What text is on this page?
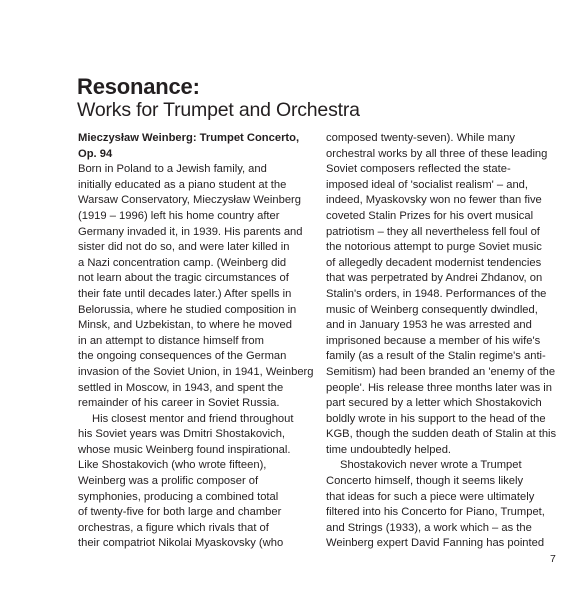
Resonance:
Works for Trumpet and Orchestra
Mieczysław Weinberg: Trumpet Concerto,
Op. 94
Born in Poland to a Jewish family, and
initially educated as a piano student at the
Warsaw Conservatory, Mieczysław Weinberg
(1919 – 1996) left his home country after
Germany invaded it, in 1939. His parents and
sister did not do so, and were later killed in
a Nazi concentration camp. (Weinberg did
not learn about the tragic circumstances of
their fate until decades later.) After spells in
Belorussia, where he studied composition in
Minsk, and Uzbekistan, to where he moved
in an attempt to distance himself from
the ongoing consequences of the German
invasion of the Soviet Union, in 1941, Weinberg
settled in Moscow, in 1943, and spent the
remainder of his career in Soviet Russia.
His closest mentor and friend throughout
his Soviet years was Dmitri Shostakovich,
whose music Weinberg found inspirational.
Like Shostakovich (who wrote fifteen),
Weinberg was a prolific composer of
symphonies, producing a combined total
of twenty-five for both large and chamber
orchestras, a figure which rivals that of
their compatriot Nikolai Myaskovsky (who
composed twenty-seven). While many
orchestral works by all three of these leading
Soviet composers reflected the state-
imposed ideal of 'socialist realism' – and,
indeed, Myaskovsky won no fewer than five
coveted Stalin Prizes for his overt musical
patriotism – they all nevertheless fell foul of
the notorious attempt to purge Soviet music
of allegedly decadent modernist tendencies
that was perpetrated by Andrei Zhdanov, on
Stalin's orders, in 1948. Performances of the
music of Weinberg consequently dwindled,
and in January 1953 he was arrested and
imprisoned because a member of his wife's
family (as a result of the Stalin regime's anti-
Semitism) had been branded an 'enemy of the
people'. His release three months later was in
part secured by a letter which Shostakovich
boldly wrote in his support to the head of the
KGB, though the sudden death of Stalin at this
time undoubtedly helped.
Shostakovich never wrote a Trumpet
Concerto himself, though it seems likely
that ideas for such a piece were ultimately
filtered into his Concerto for Piano, Trumpet,
and Strings (1933), a work which – as the
Weinberg expert David Fanning has pointed
7
